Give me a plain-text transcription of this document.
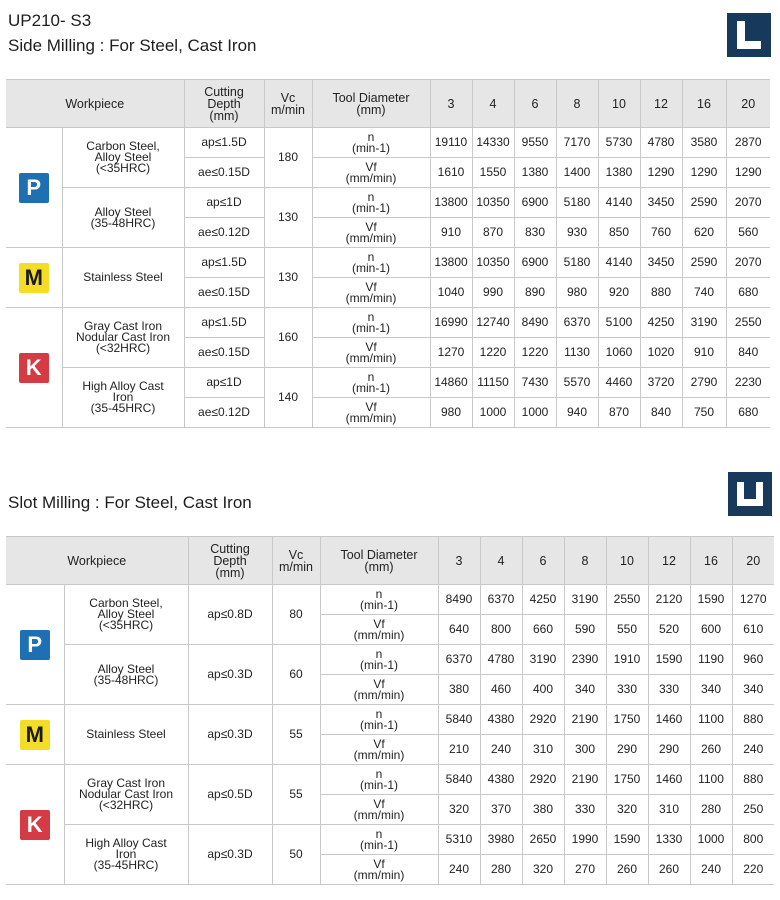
UP210- S3
Side Milling : For Steel, Cast Iron
Workpiece		Cutting
Depth
(mm)	Vc
m/min	Tool Diameter
(mm)	3	4	6	8	10	12	16	20
P	Carbon Steel,
Alloy Steel
(<35HRC)	ap≤1.5D	180	n
(min-1)	19110	14330	9550	7170	5730	4780	3580	2870
		ae≤0.15D		Vf
(mm/min)	1610	1550	1380	1400	1380	1290	1290	1290
	Alloy Steel
(35-48HRC)	ap≤1D	130	n
(min-1)	13800	10350	6900	5180	4140	3450	2590	2070
		ae≤0.12D		Vf
(mm/min)	910	870	830	930	850	760	620	560
M	Stainless Steel	ap≤1.5D	130	n
(min-1)	13800	10350	6900	5180	4140	3450	2590	2070
		ae≤0.15D		Vf
(mm/min)	1040	990	890	980	920	880	740	680
K	Gray Cast Iron
Nodular Cast Iron
(<32HRC)	ap≤1.5D	160	n
(min-1)	16990	12740	8490	6370	5100	4250	3190	2550
		ae≤0.15D		Vf
(mm/min)	1270	1220	1220	1130	1060	1020	910	840
	High Alloy Cast
Iron
(35-45HRC)	ap≤1D	140	n
(min-1)	14860	11150	7430	5570	4460	3720	2790	2230
		ae≤0.12D		Vf
(mm/min)	980	1000	1000	940	870	840	750	680
Slot Milling : For Steel, Cast Iron
Workpiece		Cutting
Depth
(mm)	Vc
m/min	Tool Diameter
(mm)	3	4	6	8	10	12	16	20
P	Carbon Steel,
Alloy Steel
(<35HRC)	ap≤0.8D	80	n
(min-1)	8490	6370	4250	3190	2550	2120	1590	1270
				Vf
(mm/min)	640	800	660	590	550	520	600	610
	Alloy Steel
(35-48HRC)	ap≤0.3D	60	n
(min-1)	6370	4780	3190	2390	1910	1590	1190	960
				Vf
(mm/min)	380	460	400	340	330	330	340	340
M	Stainless Steel	ap≤0.3D	55	n
(min-1)	5840	4380	2920	2190	1750	1460	1100	880
				Vf
(mm/min)	210	240	310	300	290	290	260	240
K	Gray Cast Iron
Nodular Cast Iron
(<32HRC)	ap≤0.5D	55	n
(min-1)	5840	4380	2920	2190	1750	1460	1100	880
				Vf
(mm/min)	320	370	380	330	320	310	280	250
	High Alloy Cast
Iron
(35-45HRC)	ap≤0.3D	50	n
(min-1)	5310	3980	2650	1990	1590	1330	1000	800
				Vf
(mm/min)	240	280	320	270	260	260	240	220
